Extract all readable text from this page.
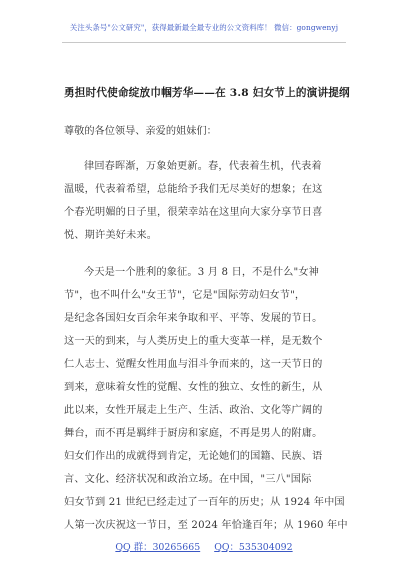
关注头条号"公文研究"，获得最新最全最专业的公文资料库！ 微信：gongwenyj
勇担时代使命绽放巾帼芳华——在 3.8 妇女节上的演讲提纲
尊敬的各位领导、亲爱的姐妹们：
律回春晖渐，万象始更新。春，代表着生机，代表着
温暖，代表着希望，总能给予我们无尽美好的想象；在这
个春光明媚的日子里，很荣幸站在这里向大家分享节日喜
悦、期许美好未来。
今天是一个胜利的象征。3 月 8 日，不是什么"女神
节"，也不叫什么"女王节"，它是"国际劳动妇女节"，
是纪念各国妇女百余年来争取和平、平等、发展的节日。
这一天的到来，与人类历史上的重大变革一样，是无数个
仁人志士、觉醒女性用血与泪斗争而来的，这一天节日的
到来，意味着女性的觉醒、女性的独立、女性的新生，从
此以来，女性开展走上生产、生活、政治、文化等广阔的
舞台，而不再是羁绊于厨房和家庭，不再是男人的附庸。
妇女们作出的成就得到肯定，无论她们的国籍、民族、语
言、文化、经济状况和政治立场。在中国，"三八"国际
妇女节到 21 世纪已经走过了一百年的历史；从 1924 年中国
人第一次庆祝这一节日，至 2024 年恰逢百年；从 1960 年中
QQ 群：30265665 QQ：535304092
